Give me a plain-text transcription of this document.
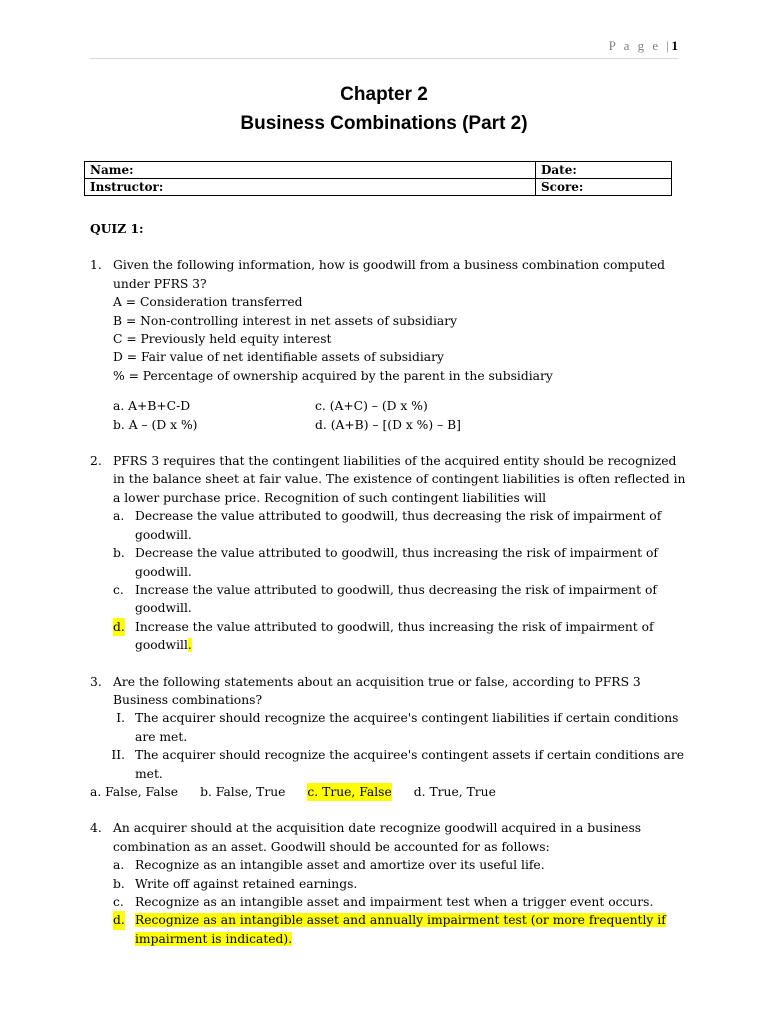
P a g e |1
Chapter 2
Business Combinations (Part 2)
Name:	Date:
Instructor:	Score:
QUIZ 1:
1. Given the following information, how is goodwill from a business combination computed under PFRS 3?
A = Consideration transferred
B = Non-controlling interest in net assets of subsidiary
C = Previously held equity interest
D = Fair value of net identifiable assets of subsidiary
% = Percentage of ownership acquired by the parent in the subsidiary
a. A+B+C-D	c. (A+C) – (D x %)
b. A – (D x %)	d. (A+B) – [(D x %) – B]
2. PFRS 3 requires that the contingent liabilities of the acquired entity should be recognized in the balance sheet at fair value. The existence of contingent liabilities is often reflected in a lower purchase price. Recognition of such contingent liabilities will
a. Decrease the value attributed to goodwill, thus decreasing the risk of impairment of goodwill.
b. Decrease the value attributed to goodwill, thus increasing the risk of impairment of goodwill.
c. Increase the value attributed to goodwill, thus decreasing the risk of impairment of goodwill.
d. Increase the value attributed to goodwill, thus increasing the risk of impairment of goodwill.
3. Are the following statements about an acquisition true or false, according to PFRS 3 Business combinations?
I. The acquirer should recognize the acquiree's contingent liabilities if certain conditions are met.
II. The acquirer should recognize the acquiree's contingent assets if certain conditions are met.
a. False, False b. False, True c. True, False d. True, True
4. An acquirer should at the acquisition date recognize goodwill acquired in a business combination as an asset. Goodwill should be accounted for as follows:
a. Recognize as an intangible asset and amortize over its useful life.
b. Write off against retained earnings.
c. Recognize as an intangible asset and impairment test when a trigger event occurs.
d. Recognize as an intangible asset and annually impairment test (or more frequently if impairment is indicated).
